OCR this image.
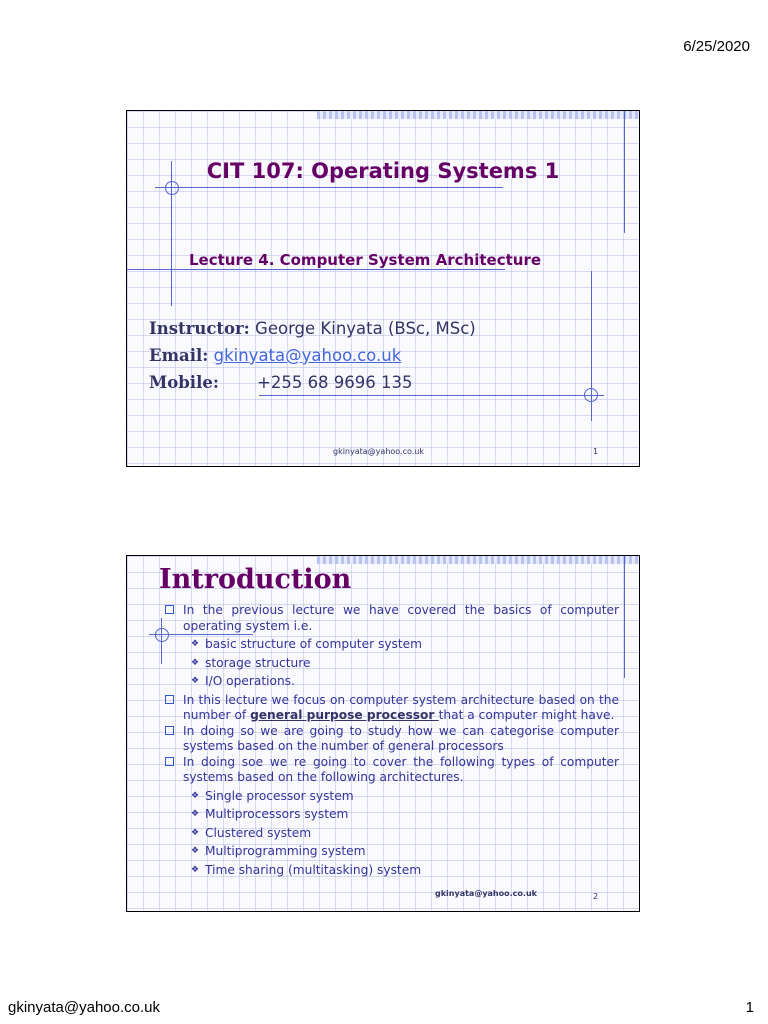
6/25/2020
CIT 107: Operating Systems 1
Lecture 4. Computer System Architecture
Instructor: George Kinyata (BSc, MSc)
Email: gkinyata@yahoo.co.uk
Mobile: +255 68 9696 135
gkinyata@yahoo.co.uk	1
Introduction
In the previous lecture we have covered the basics of computer operating system i.e.
❖ basic structure of computer system
❖ storage structure
❖ I/O operations.
In this lecture we focus on computer system architecture based on the number of general purpose processor that a computer might have.
In doing so we are going to study how we can categorise computer systems based on the number of general processors
In doing soe we re going to cover the following types of computer systems based on the following architectures.
❖ Single processor system
❖ Multiprocessors system
❖ Clustered system
❖ Multiprogramming system
❖ Time sharing (multitasking) system
gkinyata@yahoo.co.uk	2
gkinyata@yahoo.co.uk	1
